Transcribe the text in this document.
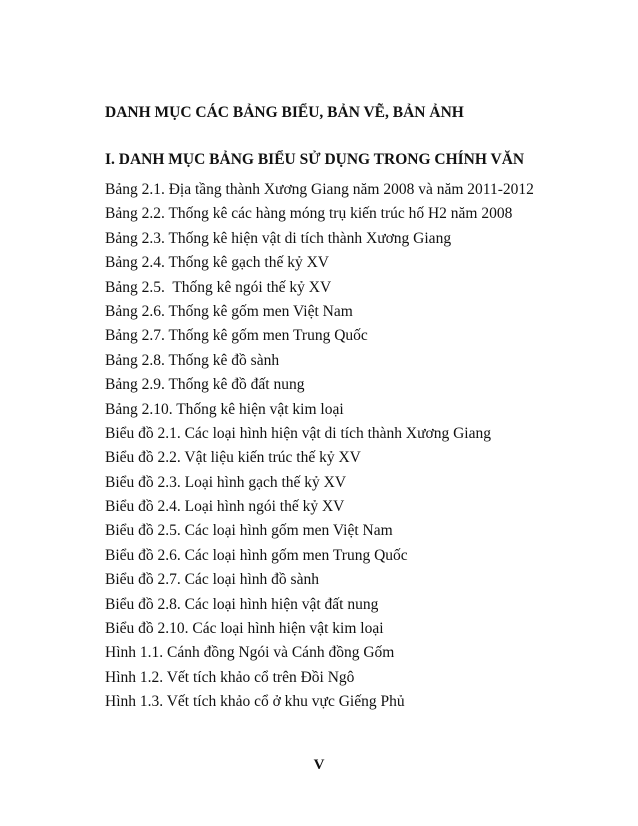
DANH MỤC CÁC BẢNG BIỂU, BẢN VẼ, BẢN ẢNH

I. DANH MỤC BẢNG BIỂU SỬ DỤNG TRONG CHÍNH VĂN

Bảng 2.1. Địa tầng thành Xương Giang năm 2008 và năm 2011-2012
Bảng 2.2. Thống kê các hàng móng trụ kiến trúc hố H2 năm 2008
Bảng 2.3. Thống kê hiện vật di tích thành Xương Giang
Bảng 2.4. Thống kê gạch thế kỷ XV
Bảng 2.5.  Thống kê ngói thế kỷ XV
Bảng 2.6. Thống kê gốm men Việt Nam
Bảng 2.7. Thống kê gốm men Trung Quốc
Bảng 2.8. Thống kê đồ sành
Bảng 2.9. Thống kê đồ đất nung
Bảng 2.10. Thống kê hiện vật kim loại
Biểu đồ 2.1. Các loại hình hiện vật di tích thành Xương Giang
Biểu đồ 2.2. Vật liệu kiến trúc thế kỷ XV
Biểu đồ 2.3. Loại hình gạch thế kỷ XV
Biểu đồ 2.4. Loại hình ngói thế kỷ XV
Biểu đồ 2.5. Các loại hình gốm men Việt Nam
Biểu đồ 2.6. Các loại hình gốm men Trung Quốc
Biểu đồ 2.7. Các loại hình đồ sành
Biểu đồ 2.8. Các loại hình hiện vật đất nung
Biểu đồ 2.10. Các loại hình hiện vật kim loại
Hình 1.1. Cánh đồng Ngói và Cánh đồng Gốm
Hình 1.2. Vết tích khảo cổ trên Đồi Ngô
Hình 1.3. Vết tích khảo cổ ở khu vực Giếng Phủ

V
